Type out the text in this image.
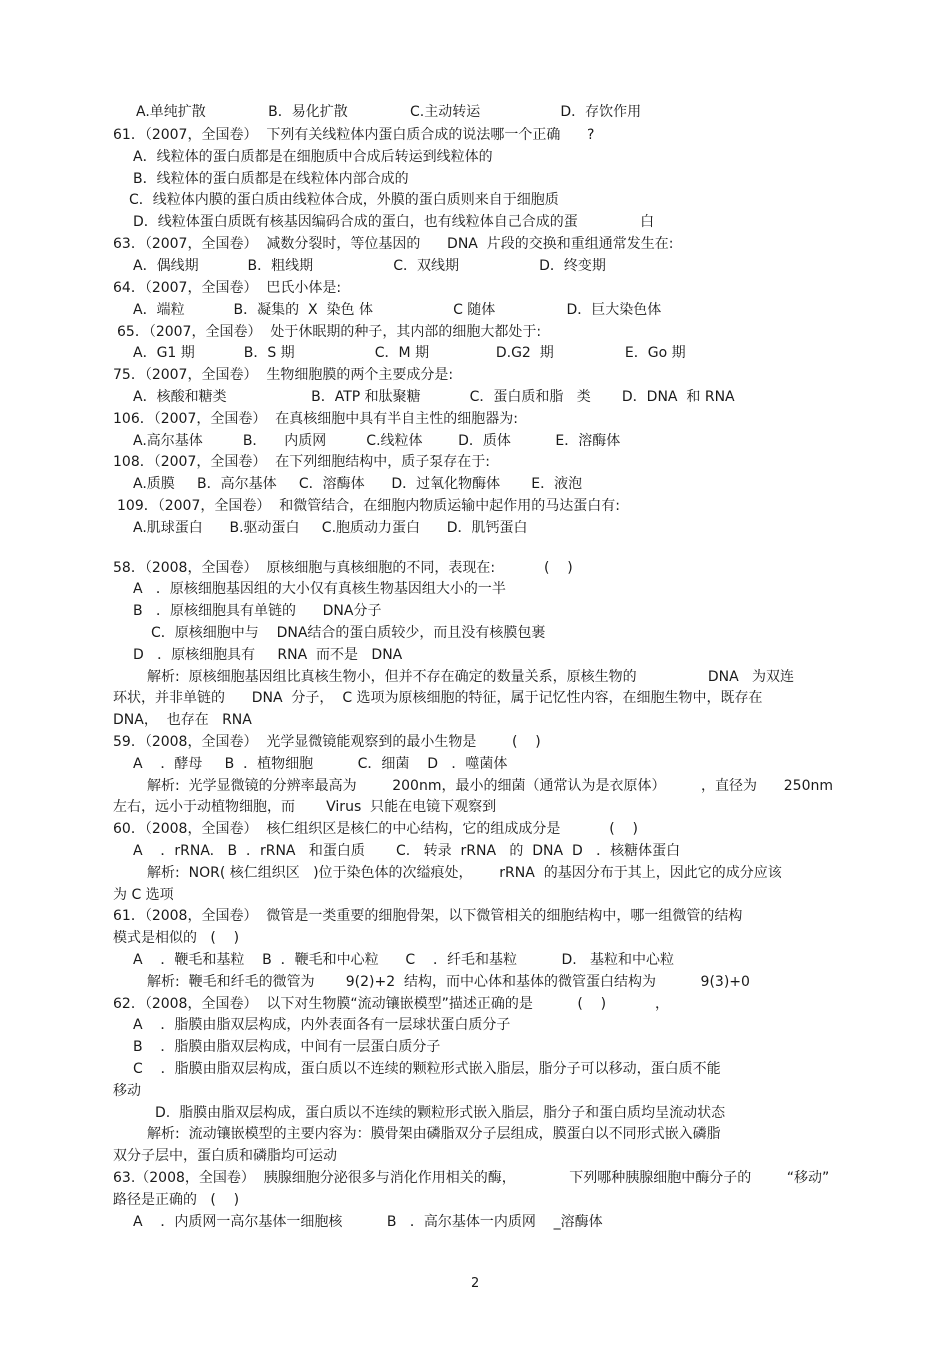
A.单纯扩散              B．易化扩散              C.主动转运                  D．存饮作用
61．（2007，全国卷）  下列有关线粒体内蛋白质合成的说法哪一个正确      ?
A．线粒体的蛋白质都是在细胞质中合成后转运到线粒体的
B．线粒体的蛋白质都是在线粒体内部合成的
C．线粒体内膜的蛋白质由线粒体合成，外膜的蛋白质则来自于细胞质
D．线粒体蛋白质既有核基因编码合成的蛋白，也有线粒体自己合成的蛋              白
63．（2007，全国卷）  减数分裂时，等位基因的      DNA  片段的交换和重组通常发生在:
A．偶线期           B．粗线期                  C．双线期                  D．终变期
64．（2007，全国卷）  巴氏小体是:
A．端粒           B．凝集的  X  染色 体                  C 随体                D．巨大染色体
65．（2007，全国卷）  处于休眠期的种子，其内部的细胞大都处于:
A．G1 期           B．S 期                  C．M 期               D.G2  期                E．Go 期
75．（2007，全国卷）  生物细胞膜的两个主要成分是:
A．核酸和糖类                   B．ATP 和肽聚糖           C．蛋白质和脂   类       D．DNA  和 RNA
106．（2007，全国卷）  在真核细胞中具有半自主性的细胞器为:
A.高尔基体         B．    内质网         C.线粒体        D．质体          E．溶酶体
108．（2007，全国卷）  在下列细胞结构中，质子泵存在于:
A.质膜     B．高尔基体     C．溶酶体      D．过氧化物酶体       E．液泡
109．（2007，全国卷）  和微管结合，在细胞内物质运输中起作用的马达蛋白有:
A.肌球蛋白      B.驱动蛋白     C.胞质动力蛋白      D．肌钙蛋白
58．（2008，全国卷）  原核细胞与真核细胞的不同，表现在:           (    )
A   ．原核细胞基因组的大小仅有真核生物基因组大小的一半
B   ．原核细胞具有单链的      DNA分子
C．原核细胞中与    DNA结合的蛋白质较少，而且没有核膜包裹
D   ．原核细胞具有     RNA  而不是   DNA
解析:  原核细胞基因组比真核生物小，但并不存在确定的数量关系，原核生物的                DNA   为双连
环状，并非单链的      DNA  分子，  C 选项为原核细胞的特征，属于记忆性内容，在细胞生物中，既存在
DNA，  也存在   RNA
59．（2008，全国卷）  光学显微镜能观察到的最小生物是        (    )
A    ．酵母     B  ．植物细胞          C．细菌    D   ．噬菌体
解析:  光学显微镜的分辨率最高为        200nm，最小的细菌（通常认为是衣原体）        ，直径为      250nm
左右，远小于动植物细胞，而       Virus  只能在电镜下观察到
60．（2008，全国卷）  核仁组织区是核仁的中心结构，它的组成成分是           (    )
A    ．rRNA.   B  ．rRNA   和蛋白质       C.   转录  rRNA   的  DNA  D   ．核糖体蛋白
解析:  NOR( 核仁组织区   )位于染色体的次缢痕处，      rRNA  的基因分布于其上，因此它的成分应该
为 C 选项
61．（2008，全国卷）  微管是一类重要的细胞骨架，以下微管相关的细胞结构中，哪一组微管的结构
模式是相似的   (    )
A    ．鞭毛和基粒    B  ．鞭毛和中心粒      C    ．纤毛和基粒          D.   基粒和中心粒
解析:  鞭毛和纤毛的微管为       9(2)+2  结构，而中心体和基体的微管蛋白结构为          9(3)+0
62．（2008，全国卷）  以下对生物膜“流动镶嵌模型”描述正确的是          (    )           ，
A    ．脂膜由脂双层构成，内外表面各有一层球状蛋白质分子
B    ．脂膜由脂双层构成，中间有一层蛋白质分子
C    ．脂膜由脂双层构成，蛋白质以不连续的颗粒形式嵌入脂层，脂分子可以移动，蛋白质不能
移动
D.  脂膜由脂双层构成，蛋白质以不连续的颗粒形式嵌入脂层，脂分子和蛋白质均呈流动状态
解析:  流动镶嵌模型的主要内容为：膜骨架由磷脂双分子层组成，膜蛋白以不同形式嵌入磷脂
双分子层中，蛋白质和磷脂均可运动
63.（2008，全国卷）  胰腺细胞分泌很多与消化作用相关的酶，            下列哪种胰腺细胞中酶分子的        “移动”
路径是正确的   (    )
A    ．内质网一高尔基体一细胞核          B   ．高尔基体一内质网    _溶酶体
2
